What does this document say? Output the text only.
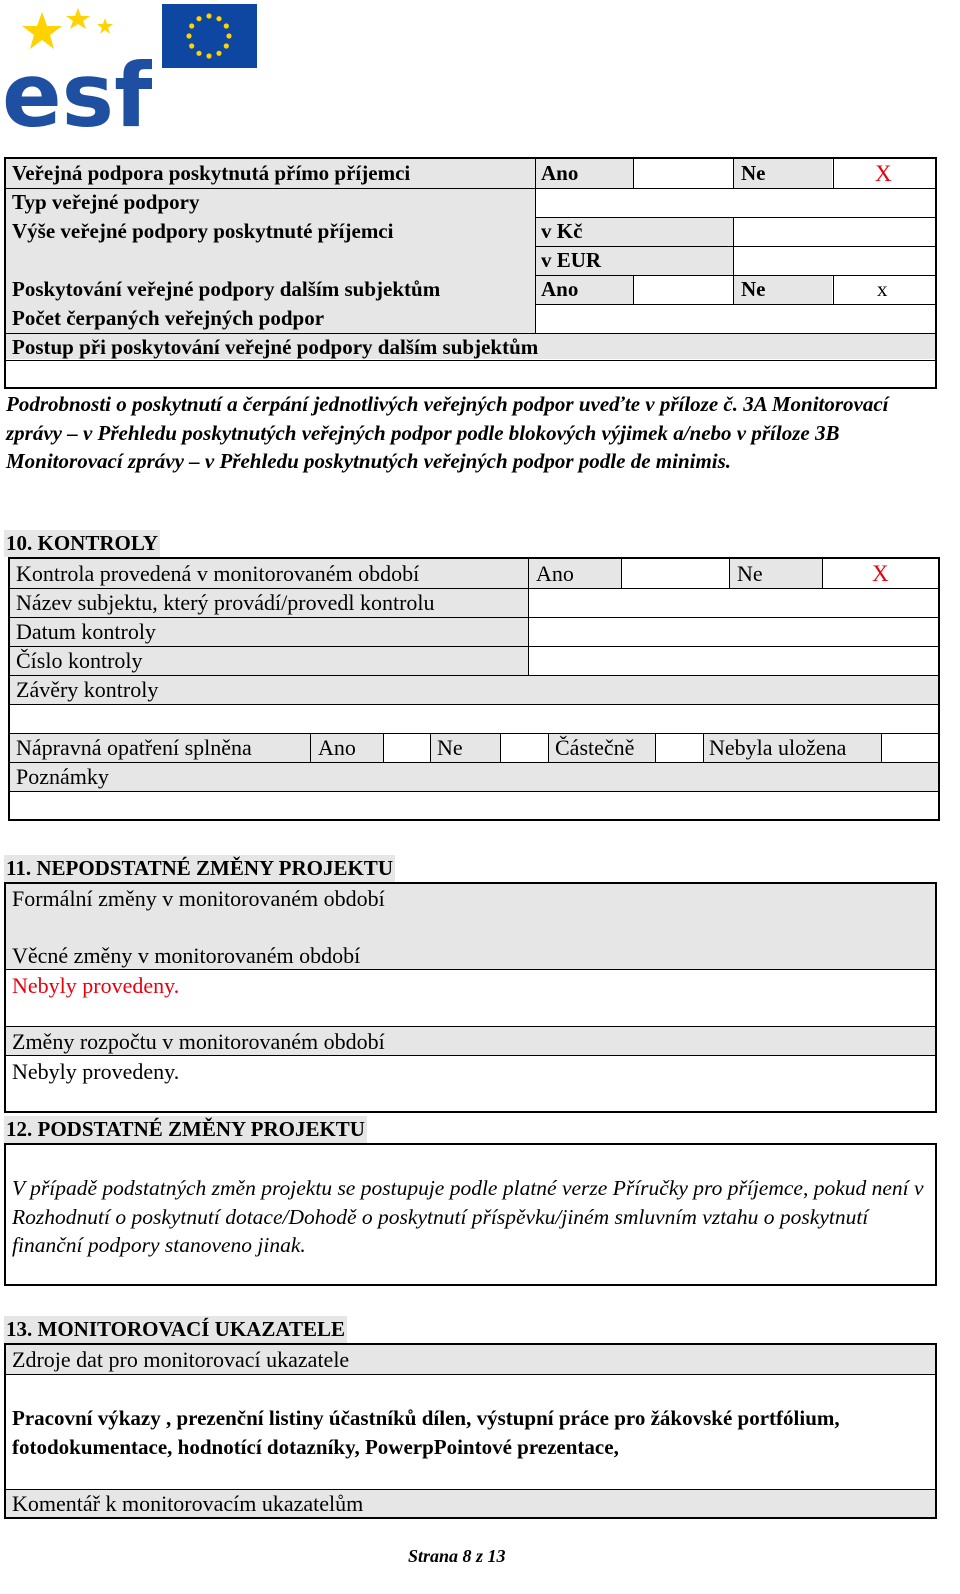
esf
Veřejná podpora poskytnutá přímo příjemci	Ano	Ne	X
Typ veřejné podpory
Výše veřejné podpory poskytnuté příjemci	v Kč
v EUR
Poskytování veřejné podpory dalším subjektům	Ano	Ne	x
Počet čerpaných veřejných podpor
Postup při poskytování veřejné podpory dalším subjektům
Podrobnosti o poskytnutí a čerpání jednotlivých veřejných podpor uveďte v příloze č. 3A Monitorovací zprávy – v Přehledu poskytnutých veřejných podpor podle blokových výjimek a/nebo v příloze 3B Monitorovací zprávy – v Přehledu poskytnutých veřejných podpor podle de minimis.
10. KONTROLY
Kontrola provedená v monitorovaném období	Ano	Ne	X
Název subjektu, který provádí/provedl kontrolu
Datum kontroly
Číslo kontroly
Závěry kontroly
Nápravná opatření splněna	Ano	Ne	Částečně	Nebyla uložena
Poznámky
11. NEPODSTATNÉ ZMĚNY PROJEKTU
Formální změny v monitorovaném období
Věcné změny v monitorovaném období
Nebyly provedeny.
Změny rozpočtu v monitorovaném období
Nebyly provedeny.
12. PODSTATNÉ ZMĚNY PROJEKTU
V případě podstatných změn projektu se postupuje podle platné verze Příručky pro příjemce, pokud není v Rozhodnutí o poskytnutí dotace/Dohodě o poskytnutí příspěvku/jiném smluvním vztahu o poskytnutí finanční podpory stanoveno jinak.
13. MONITOROVACÍ UKAZATELE
Zdroje dat pro monitorovací ukazatele
Pracovní výkazy , prezenční listiny účastníků dílen, výstupní práce pro žákovské portfólium, fotodokumentace, hodnotící dotazníky, PowerpPointové prezentace,
Komentář k monitorovacím ukazatelům
Strana 8 z 13
